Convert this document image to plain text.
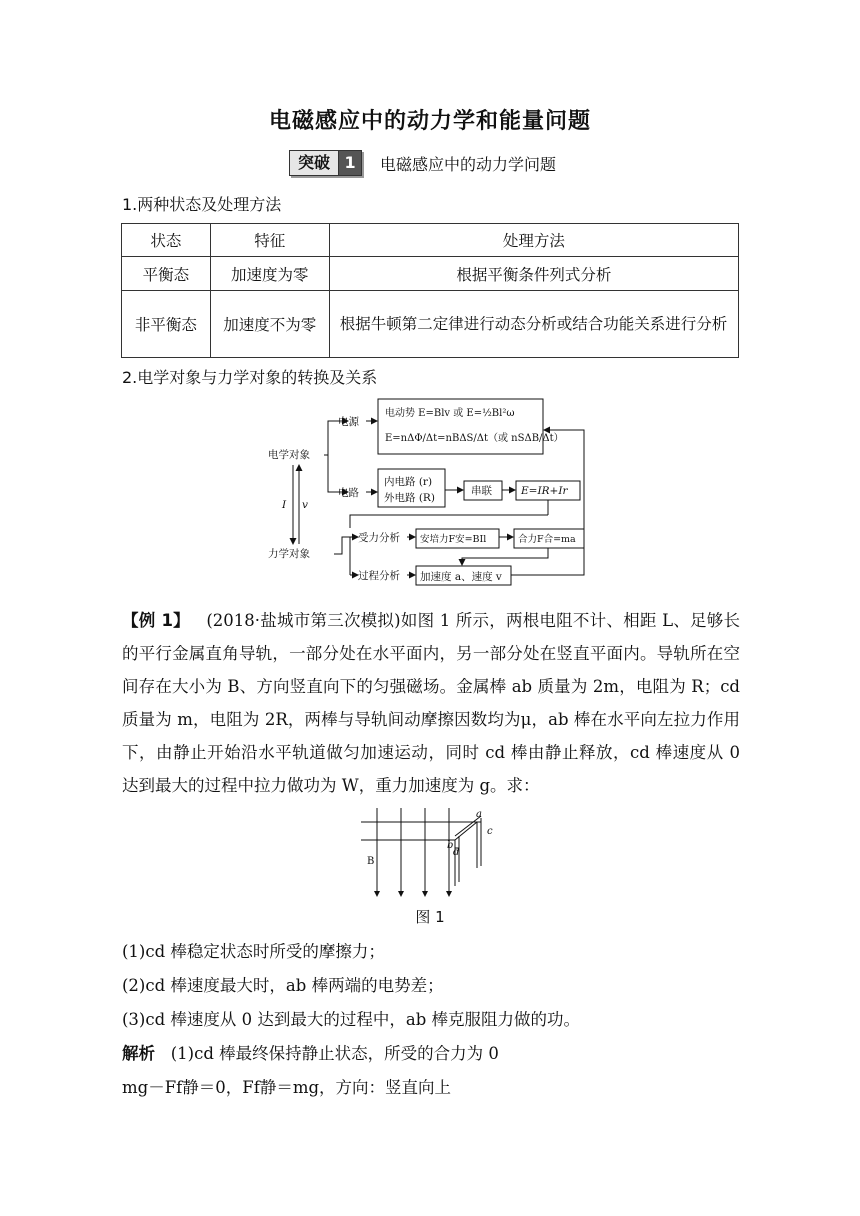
电磁感应中的动力学和能量问题
突破 1	电磁感应中的动力学问题
1.两种状态及处理方法
状态	特征	处理方法
平衡态	加速度为零	根据平衡条件列式分析
非平衡态	加速度不为零	根据牛顿第二定律进行动态分析或结合功能关系进行分析
2.电学对象与力学对象的转换及关系
电学对象
电源
电路
电动势 E=Blv 或 E=½Bl²ω
E=nΔΦ/Δt=nBΔS/Δt（或 nSΔB/Δt）
内电路 (r)
外电路 (R)
串联	E=IR+Ir
I v
力学对象
受力分析
过程分析
安培力F安=BIl	合力F合=ma
加速度 a、速度 v
【例 1】 (2018·盐城市第三次模拟)如图 1 所示，两根电阻不计、相距 L、足够长的平行金属直角导轨，一部分处在水平面内，另一部分处在竖直平面内。导轨所在空间存在大小为 B、方向竖直向下的匀强磁场。金属棒 ab 质量为 2m，电阻为 R；cd 质量为 m，电阻为 2R，两棒与导轨间动摩擦因数均为μ，ab 棒在水平向左拉力作用下，由静止开始沿水平轨道做匀加速运动，同时 cd 棒由静止释放，cd 棒速度从 0 达到最大的过程中拉力做功为 W，重力加速度为 g。求：
B
a
b
c
d
图 1
(1)cd 棒稳定状态时所受的摩擦力；
(2)cd 棒速度最大时，ab 棒两端的电势差；
(3)cd 棒速度从 0 达到最大的过程中，ab 棒克服阻力做的功。
解析 (1)cd 棒最终保持静止状态，所受的合力为 0
mg－Ff静＝0，Ff静＝mg，方向：竖直向上
